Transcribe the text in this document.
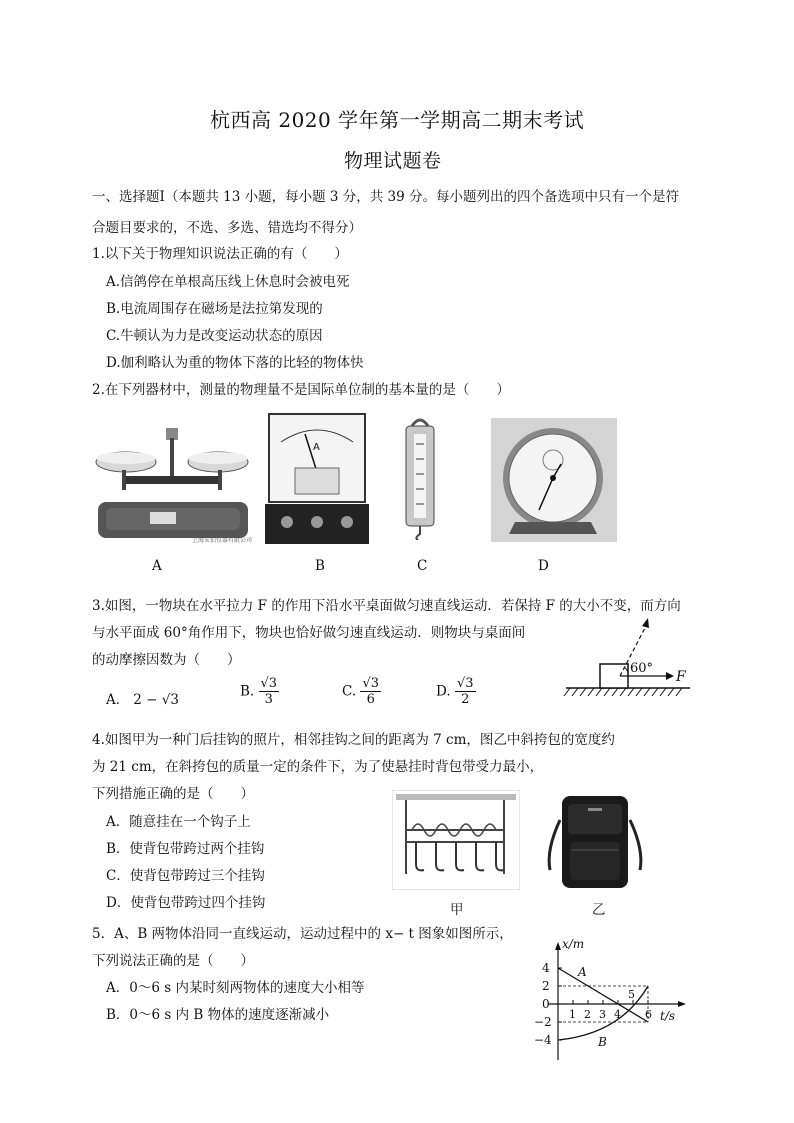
杭西高 2020 学年第一学期高二期末考试
物理试题卷
一、选择题Ⅰ（本题共 13 小题，每小题 3 分，共 39 分。每小题列出的四个备选项中只有一个是符
合题目要求的，不选、多选、错选均不得分）
1.以下关于物理知识说法正确的有（　　）
A.信鸽停在单根高压线上休息时会被电死
B.电流周围存在磁场是法拉第发现的
C.牛顿认为力是改变运动状态的原因
D.伽利略认为重的物体下落的比轻的物体快
2.在下列器材中，测量的物理量不是国际单位制的基本量的是（　　）
上海采佰仪器有限公司
A
A	B	C	D
3.如图，一物块在水平拉力 F 的作用下沿水平桌面做匀速直线运动．若保持 F 的大小不变，而方向
与水平面成 60°角作用下，物块也恰好做匀速直线运动．则物块与桌面间
的动摩擦因数为（　　）
A． 2 − √3
B. $\frac{√3}{3}$	C. $\frac{√3}{6}$	D. $\frac{√3}{2}$
60°
F
4.如图甲为一种门后挂钩的照片，相邻挂钩之间的距离为 7 cm，图乙中斜挎包的宽度约
为 21 cm，在斜挎包的质量一定的条件下，为了使悬挂时背包带受力最小，
下列措施正确的是（　　）
A．随意挂在一个钩子上
B．使背包带跨过两个挂钩
C．使背包带跨过三个挂钩
D．使背包带跨过四个挂钩	甲	乙
5．A、B 两物体沿同一直线运动，运动过程中的 x− t 图象如图所示，
下列说法正确的是（　　）
A．0～6 s 内某时刻两物体的速度大小相等
B．0～6 s 内 B 物体的速度逐渐减小
x/m
t/s
4
2
0
−2
−4
1 2 3 4 6
5
A
B
